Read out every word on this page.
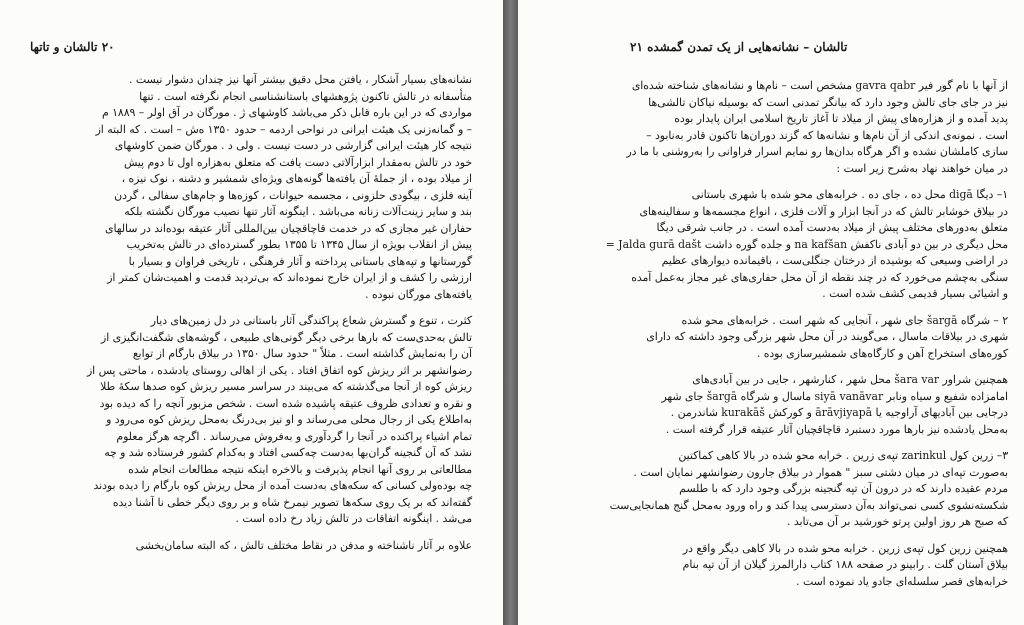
۲۰ تالشان و تاتها
نشانه‌های بسیار آشکار ، یافتن محل دقیق بیشتر آنها نیز چندان دشوار نیست .
متأسفانه در تالش تاکنون پژوهشهای باستانشناسی انجام نگرفته است . تنها
مواردی که در این باره قابل ذکر می‌باشد کاوشهای ژ . مورگان در آق اولر – ۱۸۸۹ م
– و گمانه‌زنی یک هیئت ایرانی در نواحی اردمه – حدود ۱۳۵۰ ه‌ش – است . که البته از
نتیجه کار هیئت ایرانی گزارشی در دست نیست . ولی د . مورگان ضمن کاوشهای
خود در تالش به‌مقدار ابزارآلاتی دست یافت که متعلق به‌هزاره اول تا دوم پیش
از میلاد بوده ، از جملهٔ آن یافته‌ها گونه‌های ویژه‌ای شمشیر و دشنه ، نوک نیزه ،
آینه فلزی ، بیگودی حلزونی ، مجسمه حیوانات ، کوزه‌ها و جام‌های سفالی ، گردن
بند و سایر زینت‌آلات زنانه می‌باشد . اینگونه آثار تنها نصیب مورگان نگشته بلکه
حفاران غیر مجازی که در خدمت قاچاقچیان بین‌المللی آثار عتیقه بوده‌اند در سالهای
پیش از انقلاب بویژه از سال ۱۳۴۵ تا ۱۳۵۵ بطور گسترده‌ای در تالش به‌تخریب
گورستانها و تپه‌های باستانی پرداخته و آثار فرهنگی ، تاریخی فراوان و بسیار با
ارزشی را کشف و از ایران خارج نموده‌اند که بی‌تردید قدمت و اهمیت‌شان کمتر از
یافته‌های مورگان نبوده .
کثرت ، تنوع و گسترش شعاع پراکندگی آثار باستانی در دل زمین‌های دیار
تالش به‌حدی‌ست که بارها برخی دیگر گونی‌های طبیعی ، گوشه‌های شگفت‌انگیزی از
آن را به‌نمایش گذاشته است . مثلاً " حدود سال ۱۳۵۰ در بیلاق بارگام از توابع
رضوانشهر بر اثر ریزش کوه اتفاق افتاد . یکی از اهالی روستای یادشده ، ماحتی پس از
ریزش کوه از آنجا می‌گذشته که می‌بیند در سراسر مسیر ریزش کوه صدها سکهٔ طلا
و نقره و تعدادی ظروف عتیقه پاشیده شده است . شخص مزبور آنچه را که دیده بود
به‌اطلاع یکی از رجال محلی می‌رساند و او نیز بی‌درنگ به‌محل ریزش کوه می‌رود و
تمام اشیاء پراکنده در آنجا را گردآوری و به‌فروش می‌رساند . اگرچه هرگز معلوم
نشد که آن گنجینه گران‌بها به‌دست چه‌کسی افتاد و به‌کدام کشور فرستاده شد و چه
مطالعاتی بر روی آنها انجام پذیرفت و بالاخره اینکه نتیجه مطالعات انجام شده
چه بوده‌ولی کسانی که سکه‌های به‌دست آمده از محل ریزش کوه بارگام را دیده بودند
گفته‌اند که بر یک روی سکه‌ها تصویر نیمرخ شاه و بر روی دیگر خطی نا آشنا دیده
می‌شد . اینگونه اتفاقات در تالش زیاد رخ داده است .
علاوه بر آثار ناشناخته و مدفن در نقاط مختلف تالش ، که البته سامان‌بخشی
تالشان – نشانه‌هایی از یک تمدن گمشده ۲۱
از آنها با نام گور فیر gavra qabr مشخص است – نام‌ها و نشانه‌های شناخته شده‌ای
نیز در جای جای تالش وجود دارد که بیانگر تمدنی است که بوسیله نیاکان تالشی‌ها
پدید آمده و از هزاره‌های پیش از میلاد تا آغاز تاریخ اسلامی ایران پایدار بوده
است . نمونه‌ی اندکی از آن نام‌ها و نشانه‌ها که گزند دوران‌ها تاکنون قادر به‌نابود –
سازی کاملشان نشده و اگر هرگاه بدان‌ها رو نمایم اسرار فراوانی را به‌روشنی با ما در
در میان خواهند نهاد به‌شرح زیر است :
۱– دیگا digā محل ده ، جای ده . خرابه‌های محو شده با شهری باستانی
در بیلاق خوشابر تالش که در آنجا ابزار و آلات فلزی ، انواع مجسمه‌ها و سفالینه‌های
متعلق به‌دورهای مختلف پیش از میلاد به‌دست آمده است . در جانب شرقی دیگا
محل دیگری در بین دو آبادی ناکفش na kafšan و جلده گوره داشت Jalda gurā dašt =
در اراضی وسیعی که بوشیده از درختان جنگلی‌ست ، باقیمانده دیوارهای عظیم
سنگی به‌چشم می‌خورد که در چند نقطه از آن محل حفاری‌های غیر مجاز به‌عمل آمده
و اشیائی بسیار قدیمی کشف شده است .
۲ – شرگاه šargā جای شهر ، آنجایی که شهر است . خرابه‌های محو شده
شهری در بیلاقات ماسال ، می‌گویند در آن محل شهر بزرگی وجود داشته که دارای
کوره‌های استخراج آهن و کارگاه‌های شمشیرسازی بوده .
همچنین شراور šara var محل شهر ، کنارشهر ، جایی در بین آبادی‌های
امامزاده شفیع و سیاه ونابر siyā vanāvar ماسال و شرگاه šargā جای شهر
درجایی بین آبادیهای آراوجیه یا ārāvjiyapā و کورکش kurakāš شاندرمن .
به‌محل یادشده نیز بارها مورد دستبرد قاچاقچیان آثار عتیقه قرار گرفته است .
۳– زرین کول zarinkul تپه‌ی زرین . خرابه محو شده در بالا کاهی کماکتین
به‌صورت تپه‌ای در میان دشتی سبز " هموار در بیلاق جارون رضوانشهر نمایان است .
مردم عقیده دارند که در درون آن تپه گنجینه بزرگی وجود دارد که با طلسم
شکسته‌نشوی کسی نمی‌تواند به‌آن دسترسی پیدا کند و راه ورود به‌محل گنج همانجایی‌ست
که صبح هر روز اولین پرتو خورشید بر آن می‌تابد .
همچنین زرین کول تپه‌ی زرین . خرابه محو شده در بالا کاهی دیگر واقع در
بیلاق آستان گلت . رابینو در صفحه ۱۸۸ کتاب دارالمرز گیلان از آن تپه بنام
خرابه‌های قصر سلسله‌ای جادو یاد نموده است .
